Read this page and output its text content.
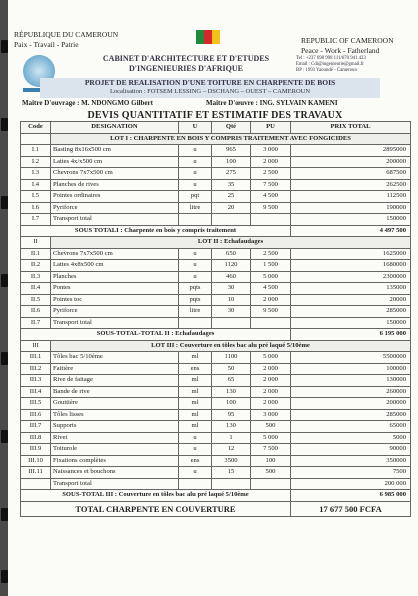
RÉPUBLIQUE DU CAMEROUN
Paix - Travail - Patrie	REPUBLIC OF CAMEROON
Peace - Work - Fatherland
CABINET D'ARCHITECTURE ET D'ETUDES
D'INGENIEURIES D'AFRIQUE
Tel : +237 698 998 111/670 941 423
Email : Cdi@ingenieurie@gmail.fr
BP : 1993 Yaoundé - Cameroun
PROJET DE REALISATION D'UNE TOITURE EN CHARPENTE DE BOIS
Localisation : FOTSEM LESSING – DSCHANG – OUEST – CAMEROUN
Maitre D'ouvrage : M. NDONGMO Gilbert	Maitre D'œuvre : ING. SYLVAIN KAMENI
DEVIS QUANTITATIF ET ESTIMATIF DES TRAVAUX
Code	DESIGNATION	U	Qté	PU	PRIX TOTAL
	LOT I : CHARPENTE EN BOIS Y COMPRIS TRAITEMENT AVEC FONGICIDES				
I.1	Basting 8x16x500 cm	u	965	3 000	2895000
I.2	Lattes 4x/x500 cm	u	100	2 000	200000
I.3	Chevrons 7x7x500 cm	u	275	2 500	687500
I.4	Planches de rives	u	35	7 500	262500
I.5	Pointes ordinaires	pqt	25	4 500	112500
I.6	Pyriforce	litre	20	9 500	190000
I.7	Transport total				150000
SOUS TOTALI : Charpente en bois y compris traitement					4 497 500
II	LOT II : Echafaudages				
II.1	Chevrons 7x7x500 cm	u	650	2 500	1625000
II.2	Lattes 4x8x500 cm	u	1120	1 500	1680000
II.3	Planches	u	460	5 000	2300000
II.4	Pontes	pqts	30	4 500	135000
II.5	Pointes toc	pqts	10	2 000	20000
II.6	Pyriforce	litre	30	9 500	285000
II.7	Transport total				150000
SOUS-TOTAL-TOTAL II : Echafaudages					6 195 000
III	LOT III : Couverture en tôles bac alu pré laqué 5/10ème				
III.1	Tôles bac 5/10ème	ml	1100	5 000	5500000
III.2	Faitière	ens	50	2 000	100000
III.3	Rive de faitage	ml	65	2 000	130000
III.4	Bande de rive	ml	130	2 000	260000
III.5	Gouttière	ml	100	2 000	200000
III.6	Tôles lisses	ml	95	3 000	285000
III.7	Supports	ml	130	500	65000
III.8	Rivet	u	1	5 000	5000
III.9	Toiturole	u	12	7 500	90000
III.10	Fixations complètes	ens	3500	100	350000
III.11	Naissances et bouchons	u	15	500	7500
	Transport total				200 000
SOUS-TOTAL III : Couverture en tôles bac alu pré laqué 5/10ème					6 985 000
TOTAL CHARPENTE EN COUVERTURE					17 677 500 FCFA
